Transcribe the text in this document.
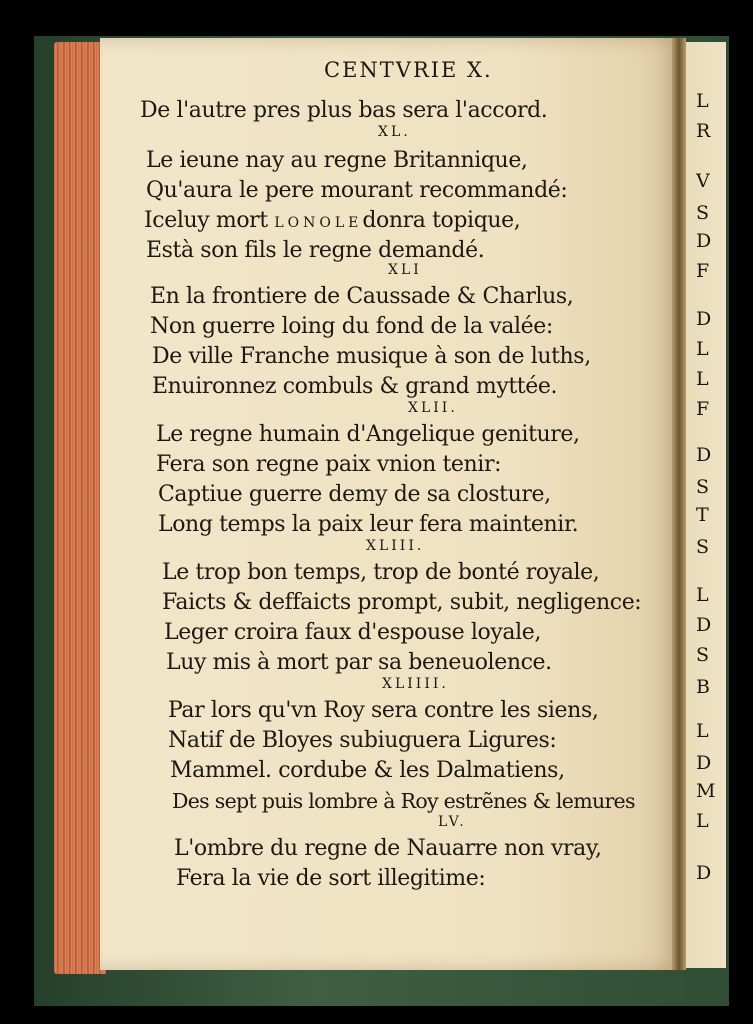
L
R
V
S
D
F
D
L
L
F
D
S
T
S
L
D
S
B
L
D
M
L
D
CENTVRIE X.
De l'autre pres plus bas sera l'accord.
XL.
Le ieune nay au regne Britannique,
Qu'aura le pere mourant recommandé:
Iceluy mort LONOLEdonra topique,
Està son fils le regne demandé.
XLI
En la frontiere de Caussade & Charlus,
Non guerre loing du fond de la valée:
De ville Franche musique à son de luths,
Enuironnez combuls & grand myttée.
XLII.
Le regne humain d'Angelique geniture,
Fera son regne paix vnion tenir:
Captiue guerre demy de sa closture,
Long temps la paix leur fera maintenir.
XLIII.
Le trop bon temps, trop de bonté royale,
Faicts & deffaicts prompt, subit, negligence:
Leger croira faux d'espouse loyale,
Luy mis à mort par sa beneuolence.
XLIIII.
Par lors qu'vn Roy sera contre les siens,
Natif de Bloyes subiuguera Ligures:
Mammel. cordube & les Dalmatiens,
Des sept puis lombre à Roy estrẽnes & lemures
LV.
L'ombre du regne de Nauarre non vray,
Fera la vie de sort illegitime:
